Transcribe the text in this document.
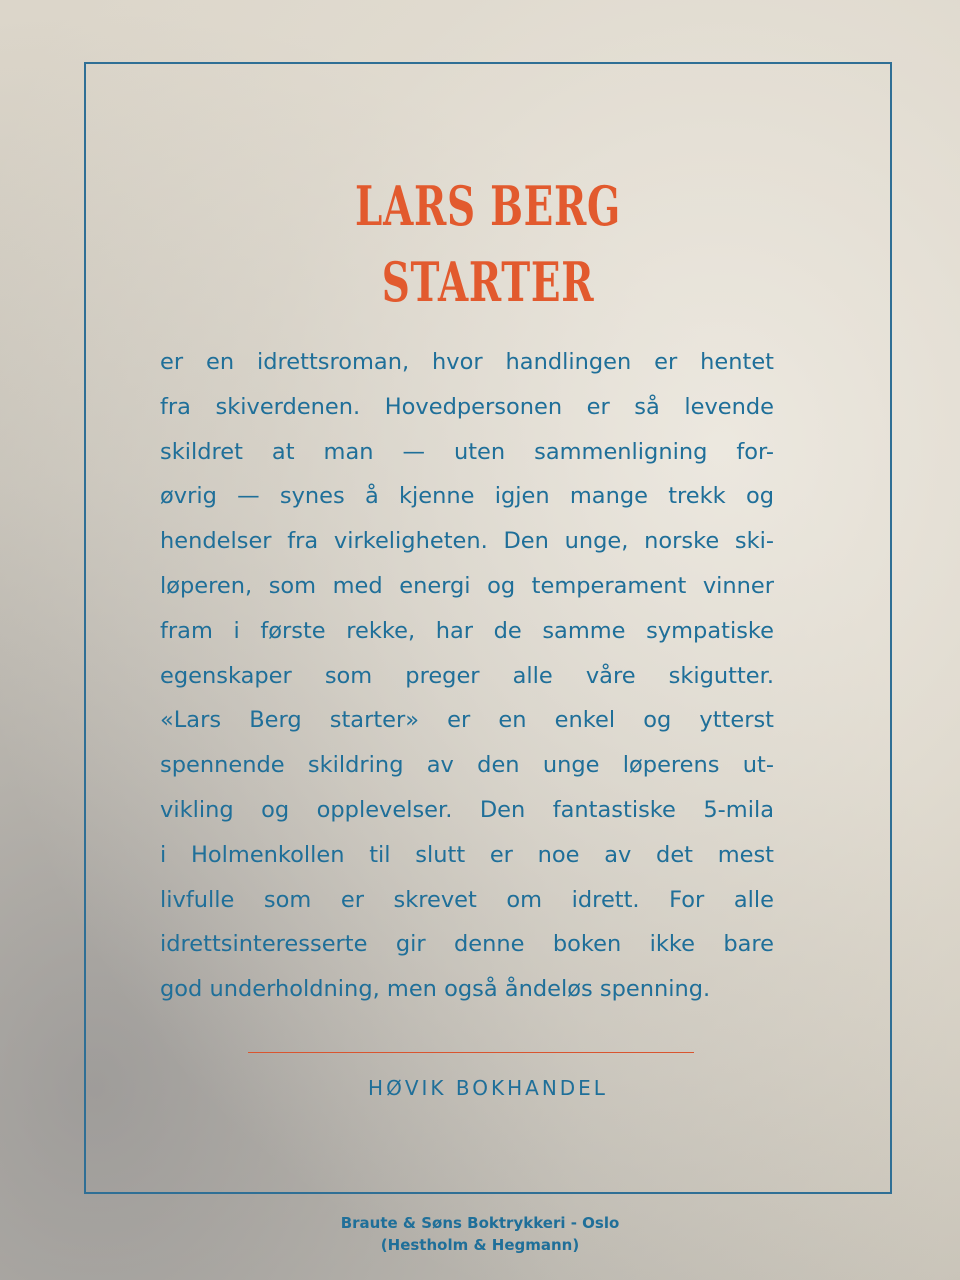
LARS BERG
STARTER
er en idrettsroman, hvor handlingen er hentet
fra skiverdenen. Hovedpersonen er så levende
skildret at man — uten sammenligning for-
øvrig — synes å kjenne igjen mange trekk og
hendelser fra virkeligheten. Den unge, norske ski-
løperen, som med energi og temperament vinner
fram i første rekke, har de samme sympatiske
egenskaper som preger alle våre skigutter.
«Lars Berg starter» er en enkel og ytterst
spennende skildring av den unge løperens ut-
vikling og opplevelser. Den fantastiske 5-mila
i Holmenkollen til slutt er noe av det mest
livfulle som er skrevet om idrett. For alle
idrettsinteresserte gir denne boken ikke bare
god underholdning, men også åndeløs spenning.
HØVIK BOKHANDEL
Braute & Søns Boktrykkeri - Oslo
(Hestholm & Hegmann)
